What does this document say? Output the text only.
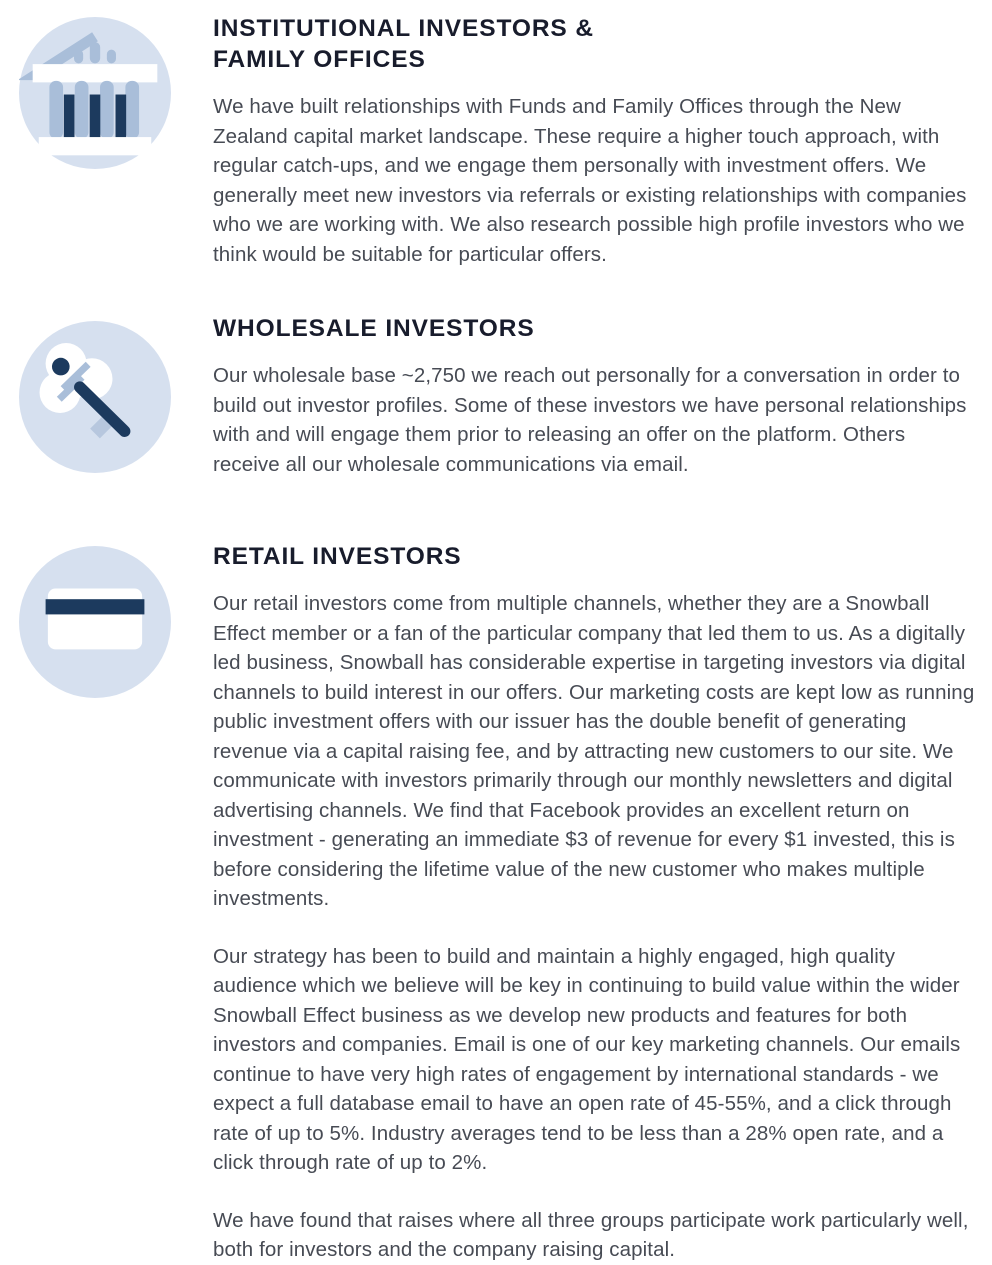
INSTITUTIONAL INVESTORS &
FAMILY OFFICES

We have built relationships with Funds and Family Offices through the New Zealand capital market landscape. These require a higher touch approach, with regular catch-ups, and we engage them personally with investment offers. We generally meet new investors via referrals or existing relationships with companies who we are working with. We also research possible high profile investors who we think would be suitable for particular offers.

WHOLESALE INVESTORS

Our wholesale base ~2,750 we reach out personally for a conversation in order to build out investor profiles. Some of these investors we have personal relationships with and will engage them prior to releasing an offer on the platform. Others receive all our wholesale communications via email.

RETAIL INVESTORS

Our retail investors come from multiple channels, whether they are a Snowball Effect member or a fan of the particular company that led them to us. As a digitally led business, Snowball has considerable expertise in targeting investors via digital channels to build interest in our offers. Our marketing costs are kept low as running public investment offers with our issuer has the double benefit of generating revenue via a capital raising fee, and by attracting new customers to our site. We communicate with investors primarily through our monthly newsletters and digital advertising channels. We find that Facebook provides an excellent return on investment - generating an immediate $3 of revenue for every $1 invested, this is before considering the lifetime value of the new customer who makes multiple investments.

Our strategy has been to build and maintain a highly engaged, high quality audience which we believe will be key in continuing to build value within the wider Snowball Effect business as we develop new products and features for both investors and companies. Email is one of our key marketing channels. Our emails continue to have very high rates of engagement by international standards - we expect a full database email to have an open rate of 45-55%, and a click through rate of up to 5%. Industry averages tend to be less than a 28% open rate, and a click through rate of up to 2%.

We have found that raises where all three groups participate work particularly well, both for investors and the company raising capital.
